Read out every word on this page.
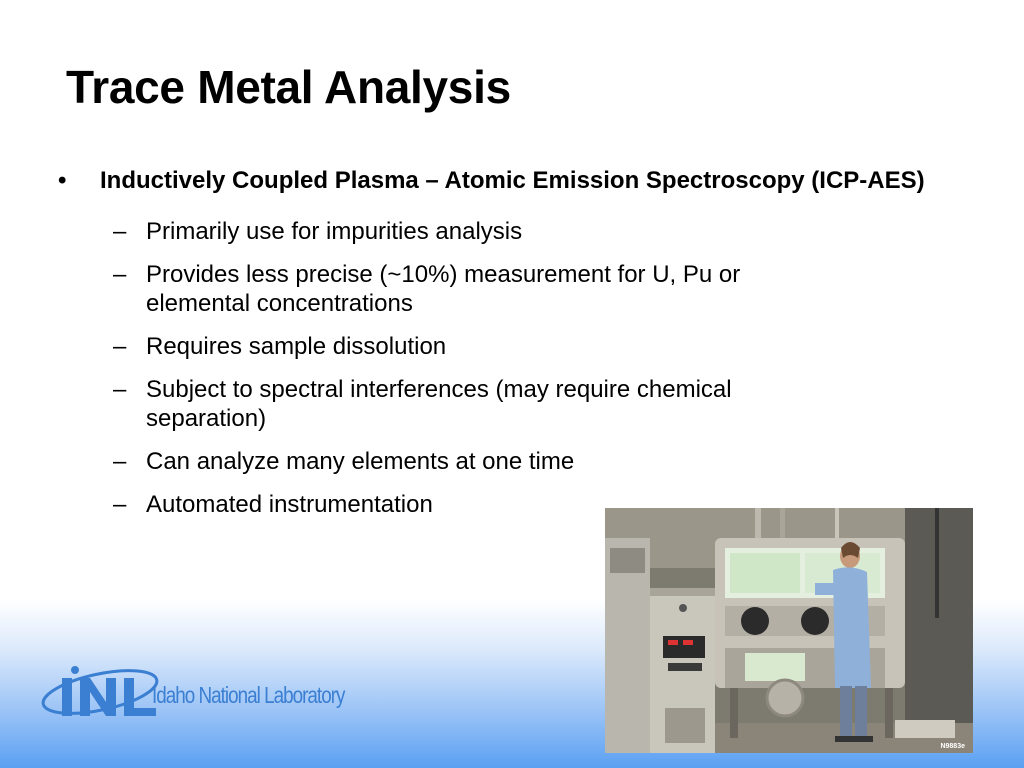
Trace Metal Analysis
• Inductively Coupled Plasma – Atomic Emission Spectroscopy (ICP-AES)
– Primarily use for impurities analysis
– Provides less precise (~10%) measurement for U, Pu or elemental concentrations
– Requires sample dissolution
– Subject to spectral interferences (may require chemical separation)
– Can analyze many elements at one time
– Automated instrumentation
N9883e
Idaho National Laboratory
